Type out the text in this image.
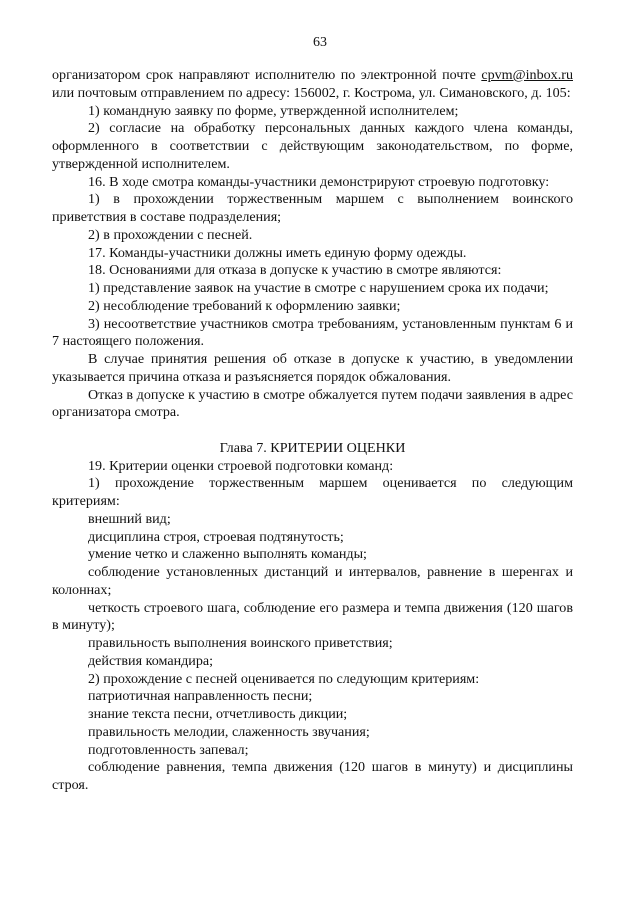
63

организатором срок направляют исполнителю по электронной почте cpvm@inbox.ru или почтовым отправлением по адресу: 156002, г. Кострома, ул. Симановского, д. 105:

1) командную заявку по форме, утвержденной исполнителем;

2) согласие на обработку персональных данных каждого члена команды, оформленного в соответствии с действующим законодательством, по форме, утвержденной исполнителем.

16. В ходе смотра команды-участники демонстрируют строевую подготовку:

1) в прохождении торжественным маршем с выполнением воинского приветствия в составе подразделения;

2) в прохождении с песней.

17. Команды-участники должны иметь единую форму одежды.

18. Основаниями для отказа в допуске к участию в смотре являются:

1) представление заявок на участие в смотре с нарушением срока их подачи;

2) несоблюдение требований к оформлению заявки;

3) несоответствие участников смотра требованиям, установленным пунктам 6 и 7 настоящего положения.

В случае принятия решения об отказе в допуске к участию, в уведомлении указывается причина отказа и разъясняется порядок обжалования.

Отказ в допуске к участию в смотре обжалуется путем подачи заявления в адрес организатора смотра.

Глава 7. КРИТЕРИИ ОЦЕНКИ

19. Критерии оценки строевой подготовки команд:

1) прохождение торжественным маршем оценивается по следующим критериям:

внешний вид;

дисциплина строя, строевая подтянутость;

умение четко и слаженно выполнять команды;

соблюдение установленных дистанций и интервалов, равнение в шеренгах и колоннах;

четкость строевого шага, соблюдение его размера и темпа движения (120 шагов в минуту);

правильность выполнения воинского приветствия;

действия командира;

2) прохождение с песней оценивается по следующим критериям:

патриотичная направленность песни;

знание текста песни, отчетливость дикции;

правильность мелодии, слаженность звучания;

подготовленность запевал;

соблюдение равнения, темпа движения (120 шагов в минуту) и дисциплины строя.
